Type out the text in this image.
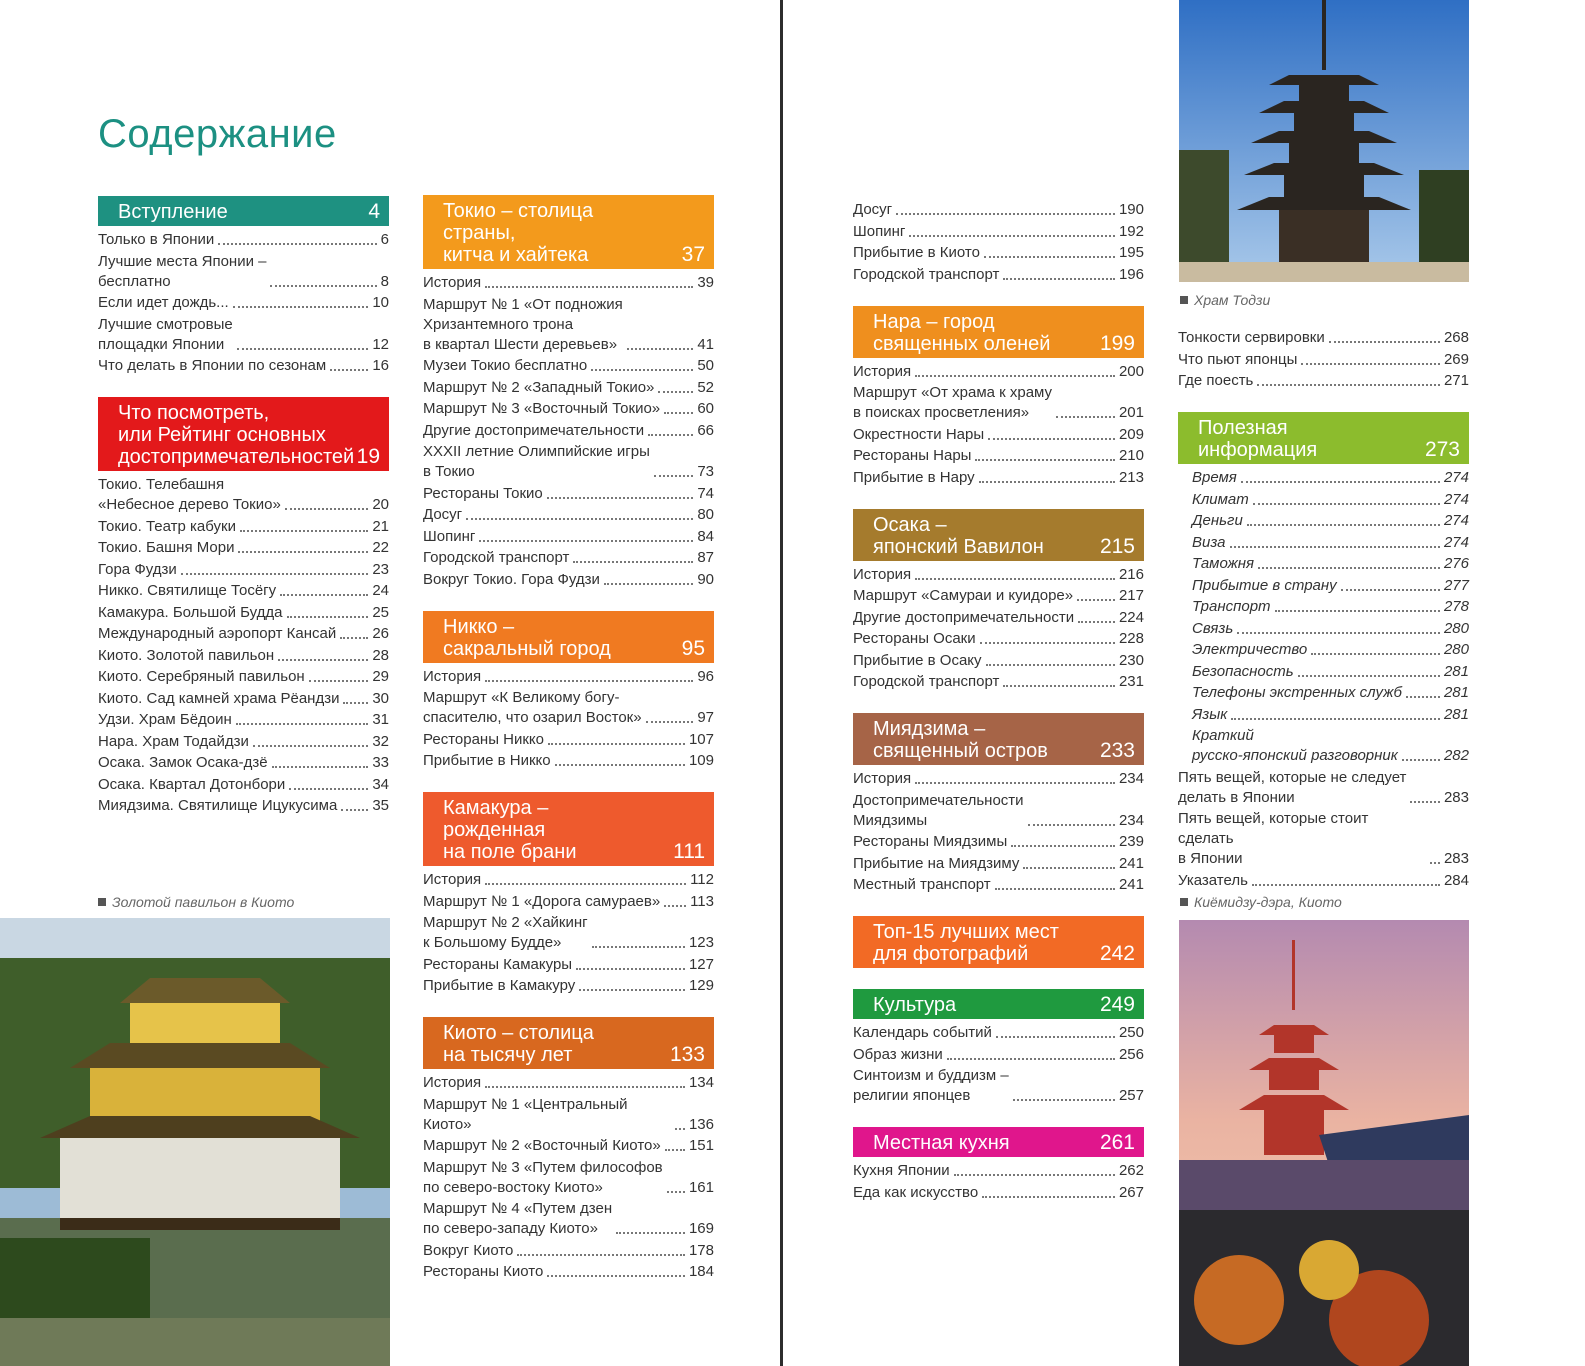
Содержание
Вступление	4
Только в Японии	6
Лучшие места Японии –
бесплатно	8
Если идет дождь...	10
Лучшие смотровые
площадки Японии	12
Что делать в Японии по сезонам	16
Что посмотреть,
или Рейтинг основных
достопримечательностей 19
Токио. Телебашня
«Небесное дерево Токио»	20
Токио. Театр кабуки	21
Токио. Башня Мори	22
Гора Фудзи	23
Никко. Святилище Тосёгу	24
Камакура. Большой Будда	25
Международный аэропорт Кансай 26
Киото. Золотой павильон	28
Киото. Серебряный павильон	29
Киото. Сад камней храма Рёандзи 30
Удзи. Храм Бёдоин	31
Нара. Храм Тодайдзи	32
Осака. Замок Осака-дзё	33
Осака. Квартал Дотонбори	34
Миядзима. Святилище Ицукусима 35
Токио – столица страны,
китча и хайтека	37
История	39
Маршрут № 1 «От подножия
Хризантемного трона
в квартал Шести деревьев»	41
Музеи Токио бесплатно	50
Маршрут № 2 «Западный Токио»	52
Маршрут № 3 «Восточный Токио» 60
Другие достопримечательности	66
XXXII летние Олимпийские игры
в Токио	73
Рестораны Токио	74
Досуг	80
Шопинг	84
Городской транспорт	87
Вокруг Токио. Гора Фудзи	90
Никко –
сакральный город	95
История	96
Маршрут «К Великому богу-
спасителю, что озарил Восток»	97
Рестораны Никко	107
Прибытие в Никко	109
Камакура – рожденная
на поле брани	111
История	112
Маршрут № 1 «Дорога самураев» 113
Маршрут № 2 «Хайкинг
к Большому Будде»	123
Рестораны Камакуры	127
Прибытие в Камакуру	129
Киото – столица
на тысячу лет	133
История	134
Маршрут № 1 «Центральный Киото»	136
Маршрут № 2 «Восточный Киото» 151
Маршрут № 3 «Путем философов
по северо-востоку Киото»	161
Маршрут № 4 «Путем дзен
по северо-западу Киото»	169
Вокруг Киото	178
Рестораны Киото	184
Досуг	190
Шопинг	192
Прибытие в Киото	195
Городской транспорт	196
Нара – город
священных оленей	199
История	200
Маршрут «От храма к храму
в поисках просветления»	201
Окрестности Нары	209
Рестораны Нары	210
Прибытие в Нару	213
Осака –
японский Вавилон	215
История	216
Маршрут «Самураи и куидоре»	217
Другие достопримечательности	224
Рестораны Осаки	228
Прибытие в Осаку	230
Городской транспорт	231
Миядзима –
священный остров	233
История	234
Достопримечательности
Миядзимы	234
Рестораны Миядзимы	239
Прибытие на Миядзиму	241
Местный транспорт	241
Топ-15 лучших мест
для фотографий	242
Культура	249
Календарь событий	250
Образ жизни	256
Синтоизм и буддизм –
религии японцев	257
Местная кухня	261
Кухня Японии	262
Еда как искусство	267
Тонкости сервировки	268
Что пьют японцы	269
Где поесть	271
Полезная информация	273
Время	274
Климат	274
Деньги	274
Виза	274
Таможня	276
Прибытие в страну	277
Транспорт	278
Связь	280
Электричество	280
Безопасность	281
Телефоны экстренных служб	281
Язык	281
Краткий
русско-японский разговорник	282
Пять вещей, которые не следует
делать в Японии	283
Пять вещей, которые стоит сделать
в Японии	283
Указатель	284
Золотой павильон в Киото
Храм Тодзи
Киёмидзу-дэра, Киото
